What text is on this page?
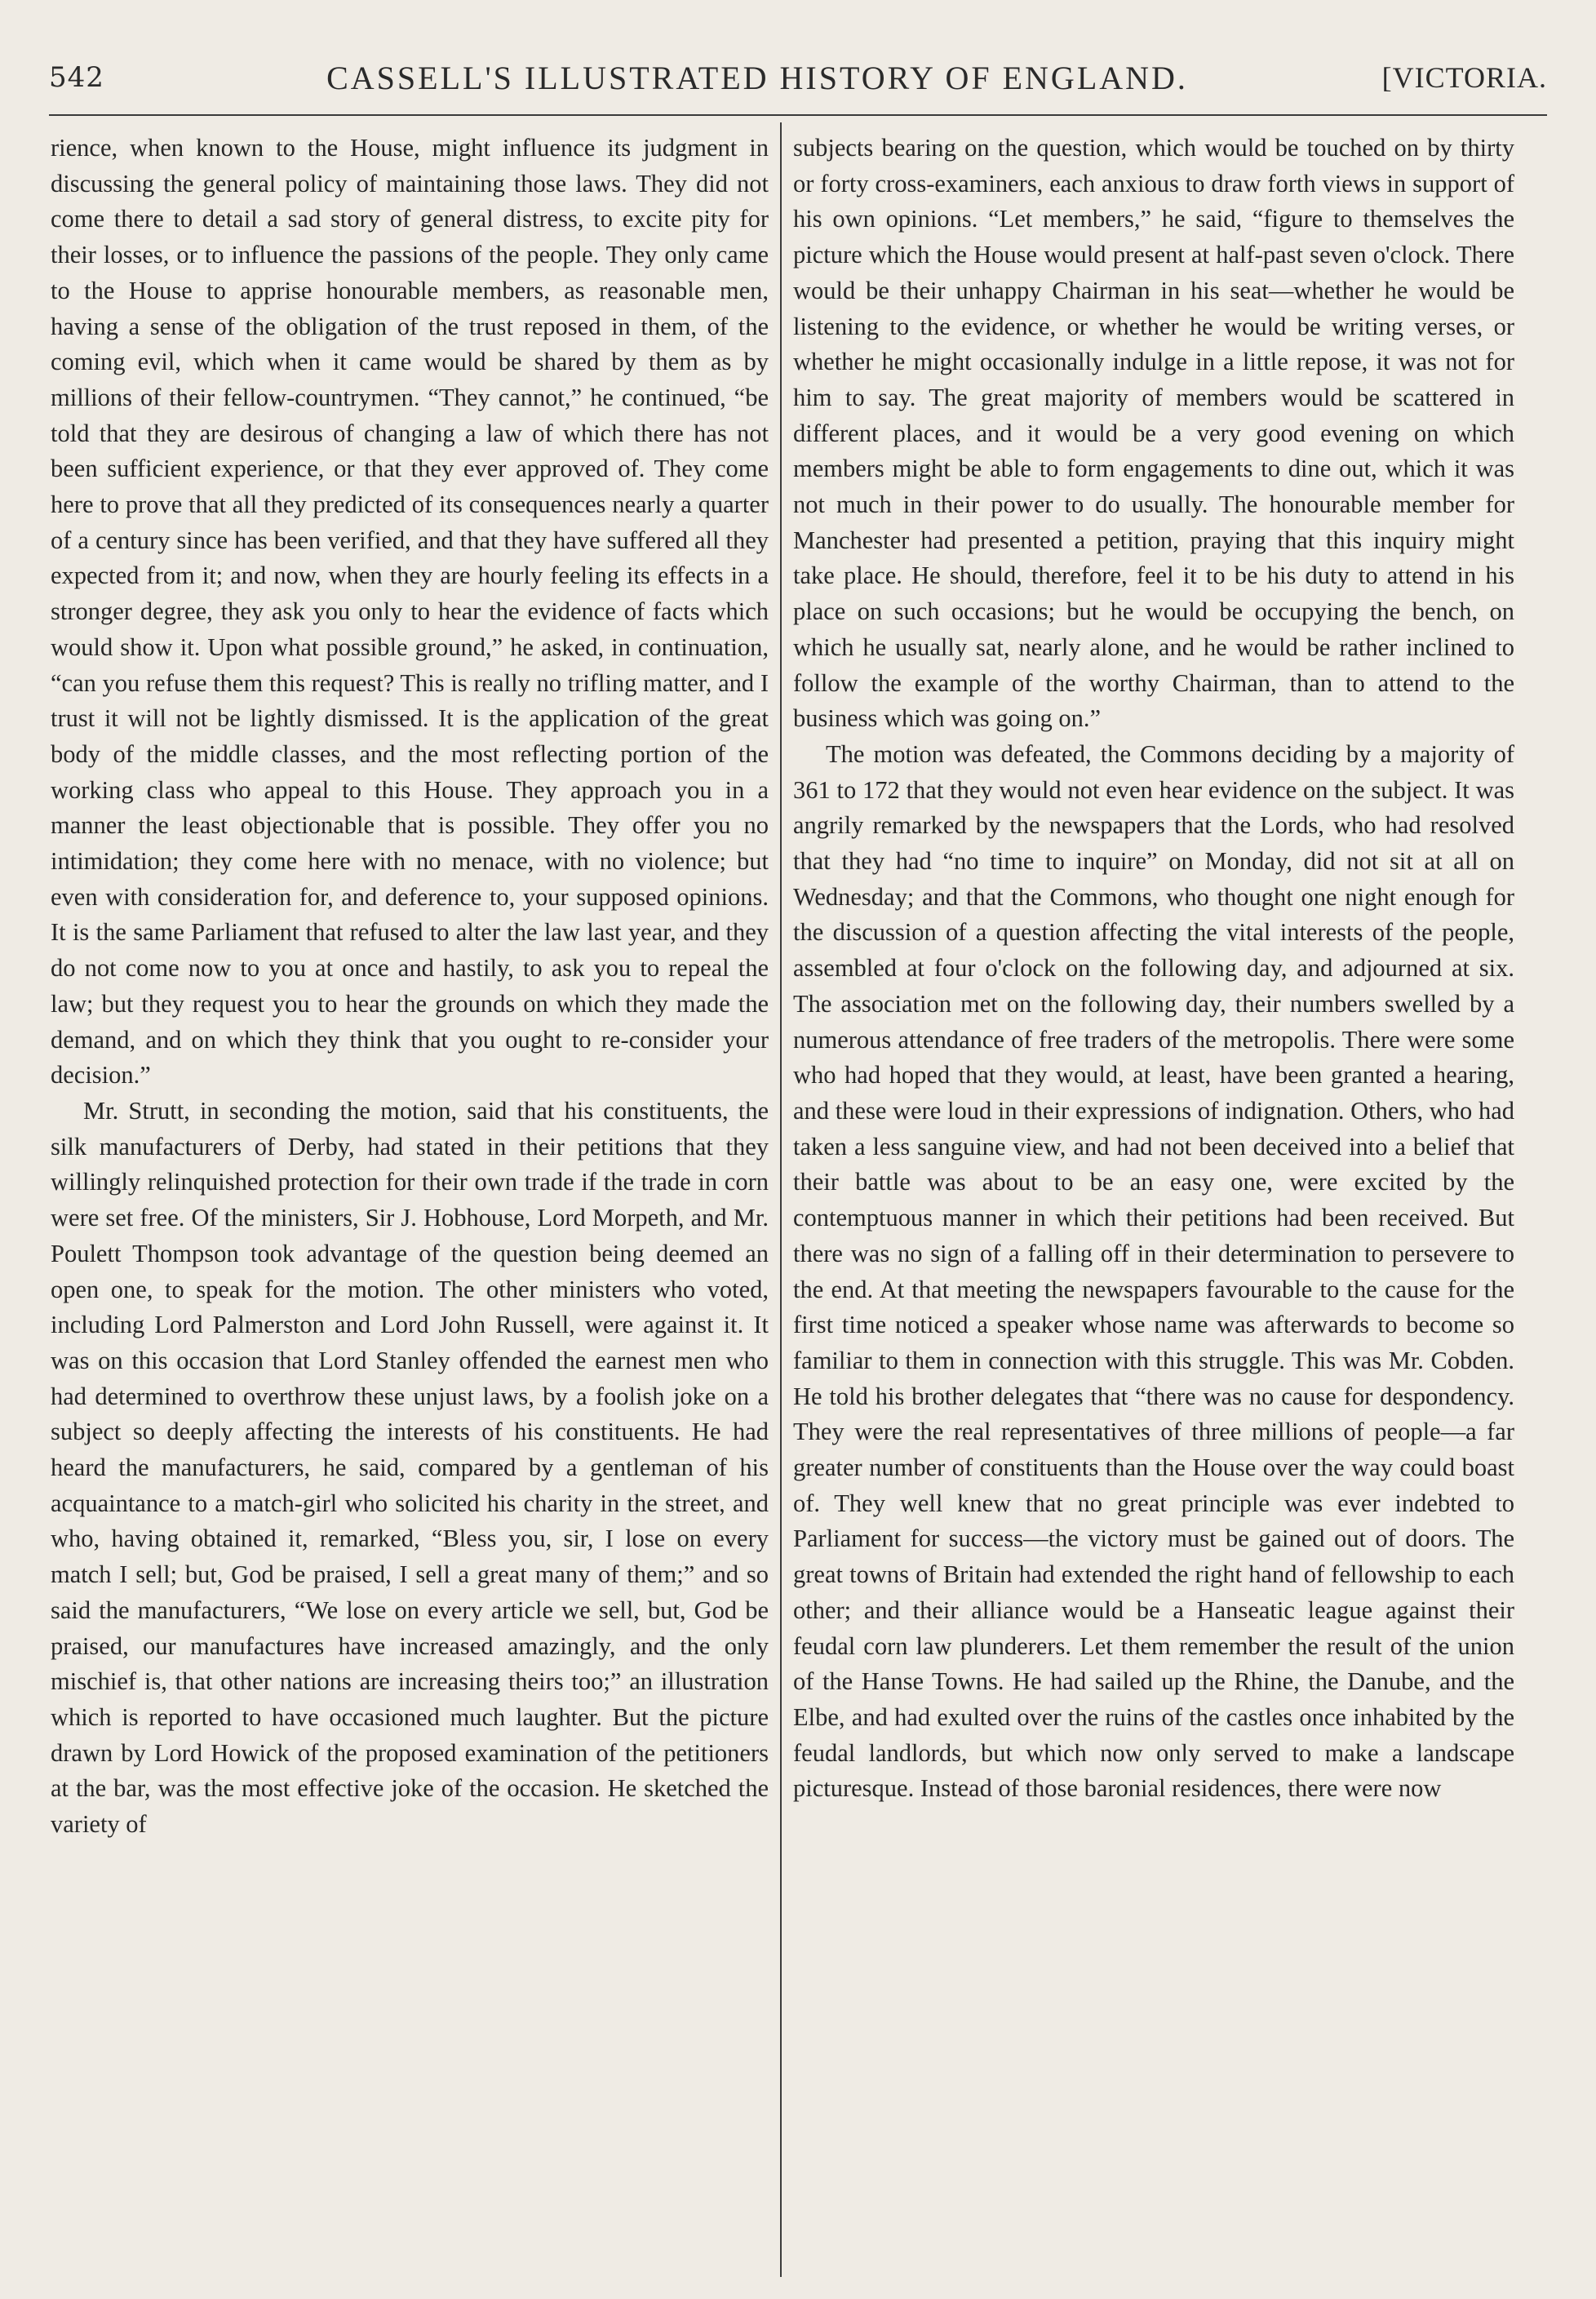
542	CASSELL'S ILLUSTRATED HISTORY OF ENGLAND.	[VICTORIA.

rience, when known to the House, might influence its judgment in discussing the general policy of maintaining those laws. They did not come there to detail a sad story of general distress, to excite pity for their losses, or to influence the passions of the people. They only came to the House to apprise honourable members, as reasonable men, having a sense of the obligation of the trust reposed in them, of the coming evil, which when it came would be shared by them as by millions of their fellow-countrymen. “They cannot,” he continued, “be told that they are desirous of changing a law of which there has not been sufficient experience, or that they ever approved of. They come here to prove that all they predicted of its consequences nearly a quarter of a century since has been verified, and that they have suffered all they expected from it; and now, when they are hourly feeling its effects in a stronger degree, they ask you only to hear the evidence of facts which would show it. Upon what possible ground,” he asked, in continuation, “can you refuse them this request? This is really no trifling matter, and I trust it will not be lightly dismissed. It is the application of the great body of the middle classes, and the most reflecting portion of the working class who appeal to this House. They approach you in a manner the least objectionable that is possible. They offer you no intimidation; they come here with no menace, with no violence; but even with consideration for, and deference to, your supposed opinions. It is the same Parliament that refused to alter the law last year, and they do not come now to you at once and hastily, to ask you to repeal the law; but they request you to hear the grounds on which they made the demand, and on which they think that you ought to re-consider your decision.”

Mr. Strutt, in seconding the motion, said that his constituents, the silk manufacturers of Derby, had stated in their petitions that they willingly relinquished protection for their own trade if the trade in corn were set free. Of the ministers, Sir J. Hobhouse, Lord Morpeth, and Mr. Poulett Thompson took advantage of the question being deemed an open one, to speak for the motion. The other ministers who voted, including Lord Palmerston and Lord John Russell, were against it. It was on this occasion that Lord Stanley offended the earnest men who had determined to overthrow these unjust laws, by a foolish joke on a subject so deeply affecting the interests of his constituents. He had heard the manufacturers, he said, compared by a gentleman of his acquaintance to a match-girl who solicited his charity in the street, and who, having obtained it, remarked, “Bless you, sir, I lose on every match I sell; but, God be praised, I sell a great many of them;” and so said the manufacturers, “We lose on every article we sell, but, God be praised, our manufactures have increased amazingly, and the only mischief is, that other nations are increasing theirs too;” an illustration which is reported to have occasioned much laughter. But the picture drawn by Lord Howick of the proposed examination of the petitioners at the bar, was the most effective joke of the occasion. He sketched the variety of

subjects bearing on the question, which would be touched on by thirty or forty cross-examiners, each anxious to draw forth views in support of his own opinions. “Let members,” he said, “figure to themselves the picture which the House would present at half-past seven o'clock. There would be their unhappy Chairman in his seat—whether he would be listening to the evidence, or whether he would be writing verses, or whether he might occasionally indulge in a little repose, it was not for him to say. The great majority of members would be scattered in different places, and it would be a very good evening on which members might be able to form engagements to dine out, which it was not much in their power to do usually. The honourable member for Manchester had presented a petition, praying that this inquiry might take place. He should, therefore, feel it to be his duty to attend in his place on such occasions; but he would be occupying the bench, on which he usually sat, nearly alone, and he would be rather inclined to follow the example of the worthy Chairman, than to attend to the business which was going on.”

The motion was defeated, the Commons deciding by a majority of 361 to 172 that they would not even hear evidence on the subject. It was angrily remarked by the newspapers that the Lords, who had resolved that they had “no time to inquire” on Monday, did not sit at all on Wednesday; and that the Commons, who thought one night enough for the discussion of a question affecting the vital interests of the people, assembled at four o'clock on the following day, and adjourned at six. The association met on the following day, their numbers swelled by a numerous attendance of free traders of the metropolis. There were some who had hoped that they would, at least, have been granted a hearing, and these were loud in their expressions of indignation. Others, who had taken a less sanguine view, and had not been deceived into a belief that their battle was about to be an easy one, were excited by the contemptuous manner in which their petitions had been received. But there was no sign of a falling off in their determination to persevere to the end. At that meeting the newspapers favourable to the cause for the first time noticed a speaker whose name was afterwards to become so familiar to them in connection with this struggle. This was Mr. Cobden. He told his brother delegates that “there was no cause for despondency. They were the real representatives of three millions of people—a far greater number of constituents than the House over the way could boast of. They well knew that no great principle was ever indebted to Parliament for success—the victory must be gained out of doors. The great towns of Britain had extended the right hand of fellowship to each other; and their alliance would be a Hanseatic league against their feudal corn law plunderers. Let them remember the result of the union of the Hanse Towns. He had sailed up the Rhine, the Danube, and the Elbe, and had exulted over the ruins of the castles once inhabited by the feudal landlords, but which now only served to make a landscape picturesque. Instead of those baronial residences, there were now
